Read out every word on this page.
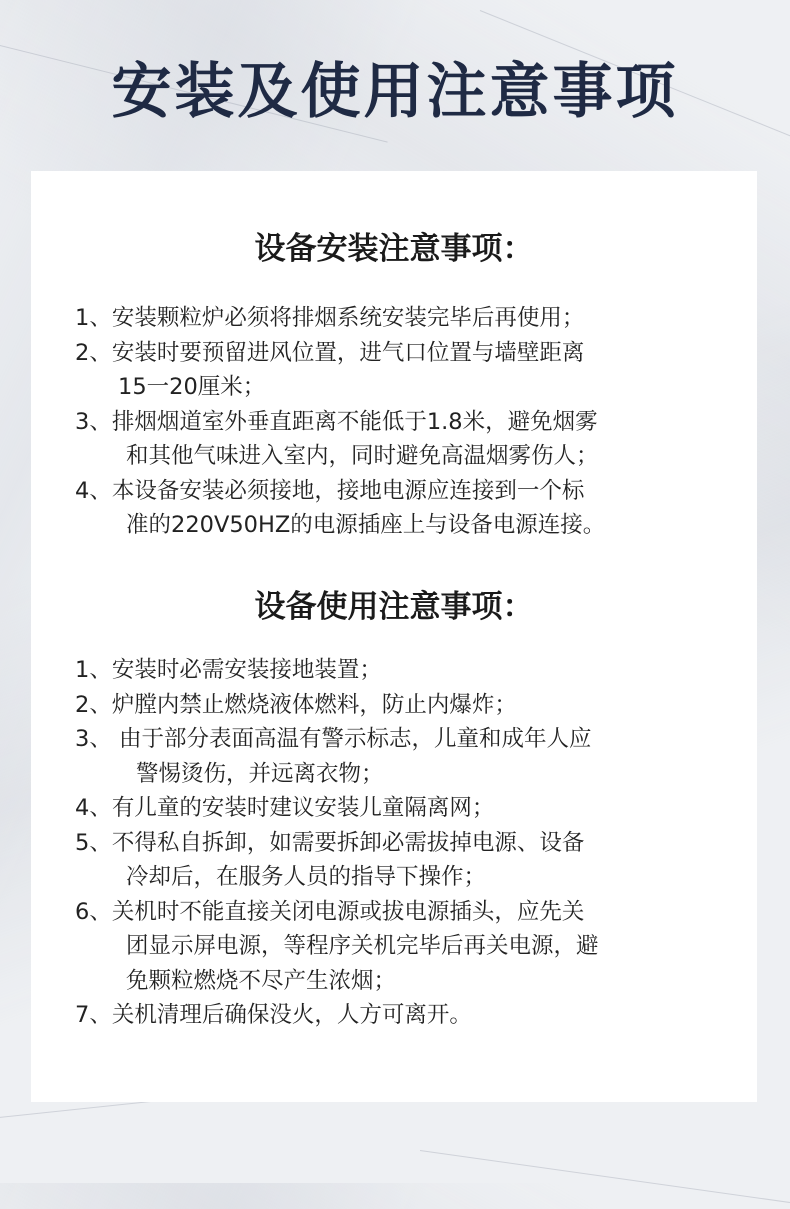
安装及使用注意事项
设备安装注意事项：
1、安装颗粒炉必须将排烟系统安装完毕后再使用；
2、安装时要预留进风位置，进气口位置与墙壁距离
15一20厘米；
3、排烟烟道室外垂直距离不能低于1.8米，避免烟雾
和其他气味进入室内，同时避免高温烟雾伤人；
4、本设备安装必须接地，接地电源应连接到一个标
准的220V50HZ的电源插座上与设备电源连接。
设备使用注意事项：
1、安装时必需安装接地装置；
2、炉膛内禁止燃烧液体燃料，防止内爆炸；
3、 由于部分表面高温有警示标志，儿童和成年人应
警惕烫伤，并远离衣物；
4、有儿童的安装时建议安装儿童隔离网；
5、不得私自拆卸，如需要拆卸必需拔掉电源、设备
冷却后，在服务人员的指导下操作；
6、关机时不能直接关闭电源或拔电源插头，应先关
团显示屏电源，等程序关机完毕后再关电源，避
免颗粒燃烧不尽产生浓烟；
7、关机清理后确保没火，人方可离开。
